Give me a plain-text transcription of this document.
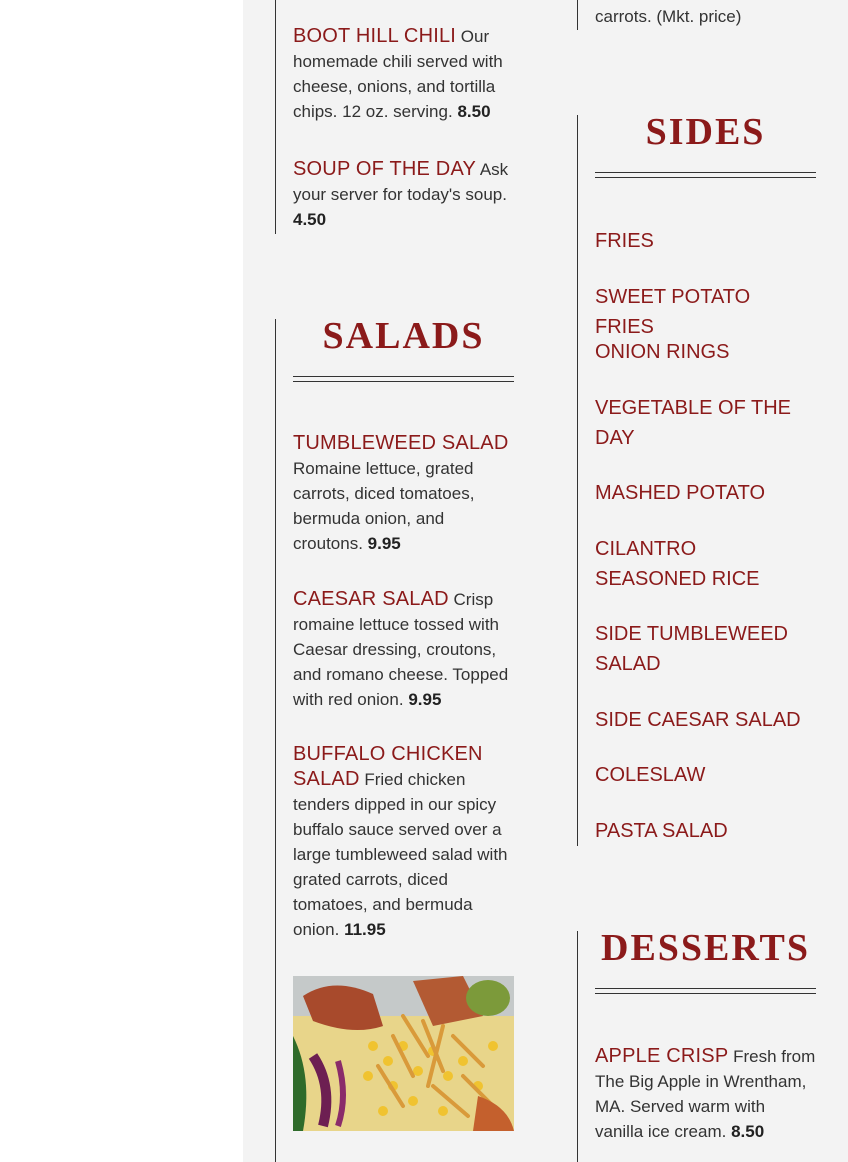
carrots. (Mkt. price)
BOOT HILL CHILI Our homemade chili served with cheese, onions, and tortilla chips. 12 oz. serving. 8.50
SOUP OF THE DAY Ask your server for today's soup. 4.50
SALADS
TUMBLEWEED SALAD Romaine lettuce, grated carrots, diced tomatoes, bermuda onion, and croutons. 9.95
CAESAR SALAD Crisp romaine lettuce tossed with Caesar dressing, croutons, and romano cheese. Topped with red onion. 9.95
BUFFALO CHICKEN SALAD Fried chicken tenders dipped in our spicy buffalo sauce served over a large tumbleweed salad with grated carrots, diced tomatoes, and bermuda onion. 11.95
SIDES
FRIES
SWEET POTATO FRIES
ONION RINGS
VEGETABLE OF THE DAY
MASHED POTATO
CILANTRO SEASONED RICE
SIDE TUMBLEWEED SALAD
SIDE CAESAR SALAD
COLESLAW
PASTA SALAD
DESSERTS
APPLE CRISP Fresh from The Big Apple in Wrentham, MA. Served warm with vanilla ice cream. 8.50
